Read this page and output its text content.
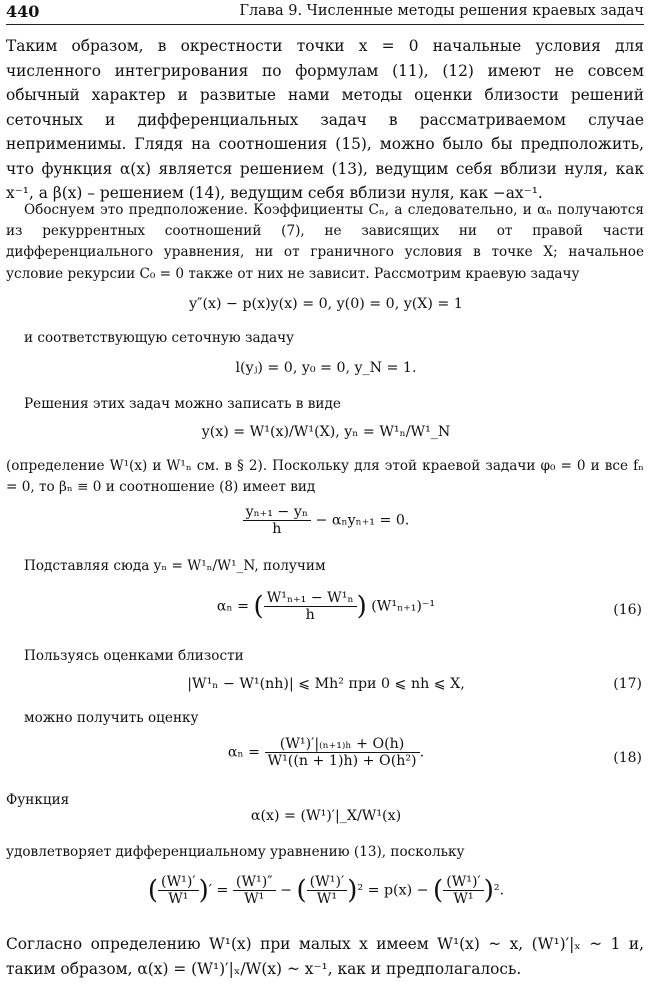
440	Глава 9. Численные методы решения краевых задач

Таким образом, в окрестности точки x = 0 начальные условия для численного интегрирования по формулам (11), (12) имеют не совсем обычный характер и развитые нами методы оценки близости решений сеточных и дифференциальных задач в рассматриваемом случае неприменимы. Глядя на соотношения (15), можно было бы предположить, что функция α(x) является решением (13), ведущим себя вблизи нуля, как x⁻¹, а β(x) – решением (14), ведущим себя вблизи нуля, как −ax⁻¹.

Обоснуем это предположение. Коэффициенты Cₙ, а следовательно, и αₙ получаются из рекуррентных соотношений (7), не зависящих ни от правой части дифференциального уравнения, ни от граничного условия в точке X; начальное условие рекурсии C₀ = 0 также от них не зависит. Рассмотрим краевую задачу

y″(x) − p(x)y(x) = 0, y(0) = 0, y(X) = 1

и соответствующую сеточную задачу

l(yⱼ) = 0, y₀ = 0, y_N = 1.

Решения этих задач можно записать в виде

y(x) = W¹(x)/W¹(X), yₙ = W¹ₙ/W¹_N

(определение W¹(x) и W¹ₙ см. в § 2). Поскольку для этой краевой задачи φ₀ = 0 и все fₙ = 0, то βₙ ≡ 0 и соотношение (8) имеет вид

$\frac{\text{yₙ₊₁ − yₙ}}{h} - \alpha_ny_{n+1} = 0$.

Подставляя сюда yₙ = W¹ₙ/W¹_N, получим

αₙ = ( $\frac{\text{W¹ₙ₊₁ − W¹ₙ}}{h}$ ) (W¹ₙ₊₁)⁻¹	(16)

Пользуясь оценками близости

|W¹ₙ − W¹(nh)| ⩽ Mh² при 0 ⩽ nh ⩽ X,	(17)

можно получить оценку

$\alpha_n = \frac{\text{(W¹)′|₍ₙ₊₁₎ₕ + O(h)}}{\text{W¹((n + 1)h) + O(h²)}}$ .	(18)

Функция

α(x) = (W¹)′|_X/W¹(x)

удовлетворяет дифференциальному уравнению (13), поскольку

( $\frac{\text{(W¹)′}}{\text{W¹}}$ )′ = $\frac{\text{(W¹)″}}{\text{W¹}}$ − ( $\frac{\text{(W¹)′}}{\text{W¹}} )^2 = p(x)$ − ( $\frac{\text{(W¹)′}}{\text{W¹}} )^2$.

Согласно определению W¹(x) при малых x имеем W¹(x) ~ x, (W¹)′|ₓ ~ 1 и, таким образом, α(x) = (W¹)′|ₓ/W(x) ~ x⁻¹, как и предполагалось.
